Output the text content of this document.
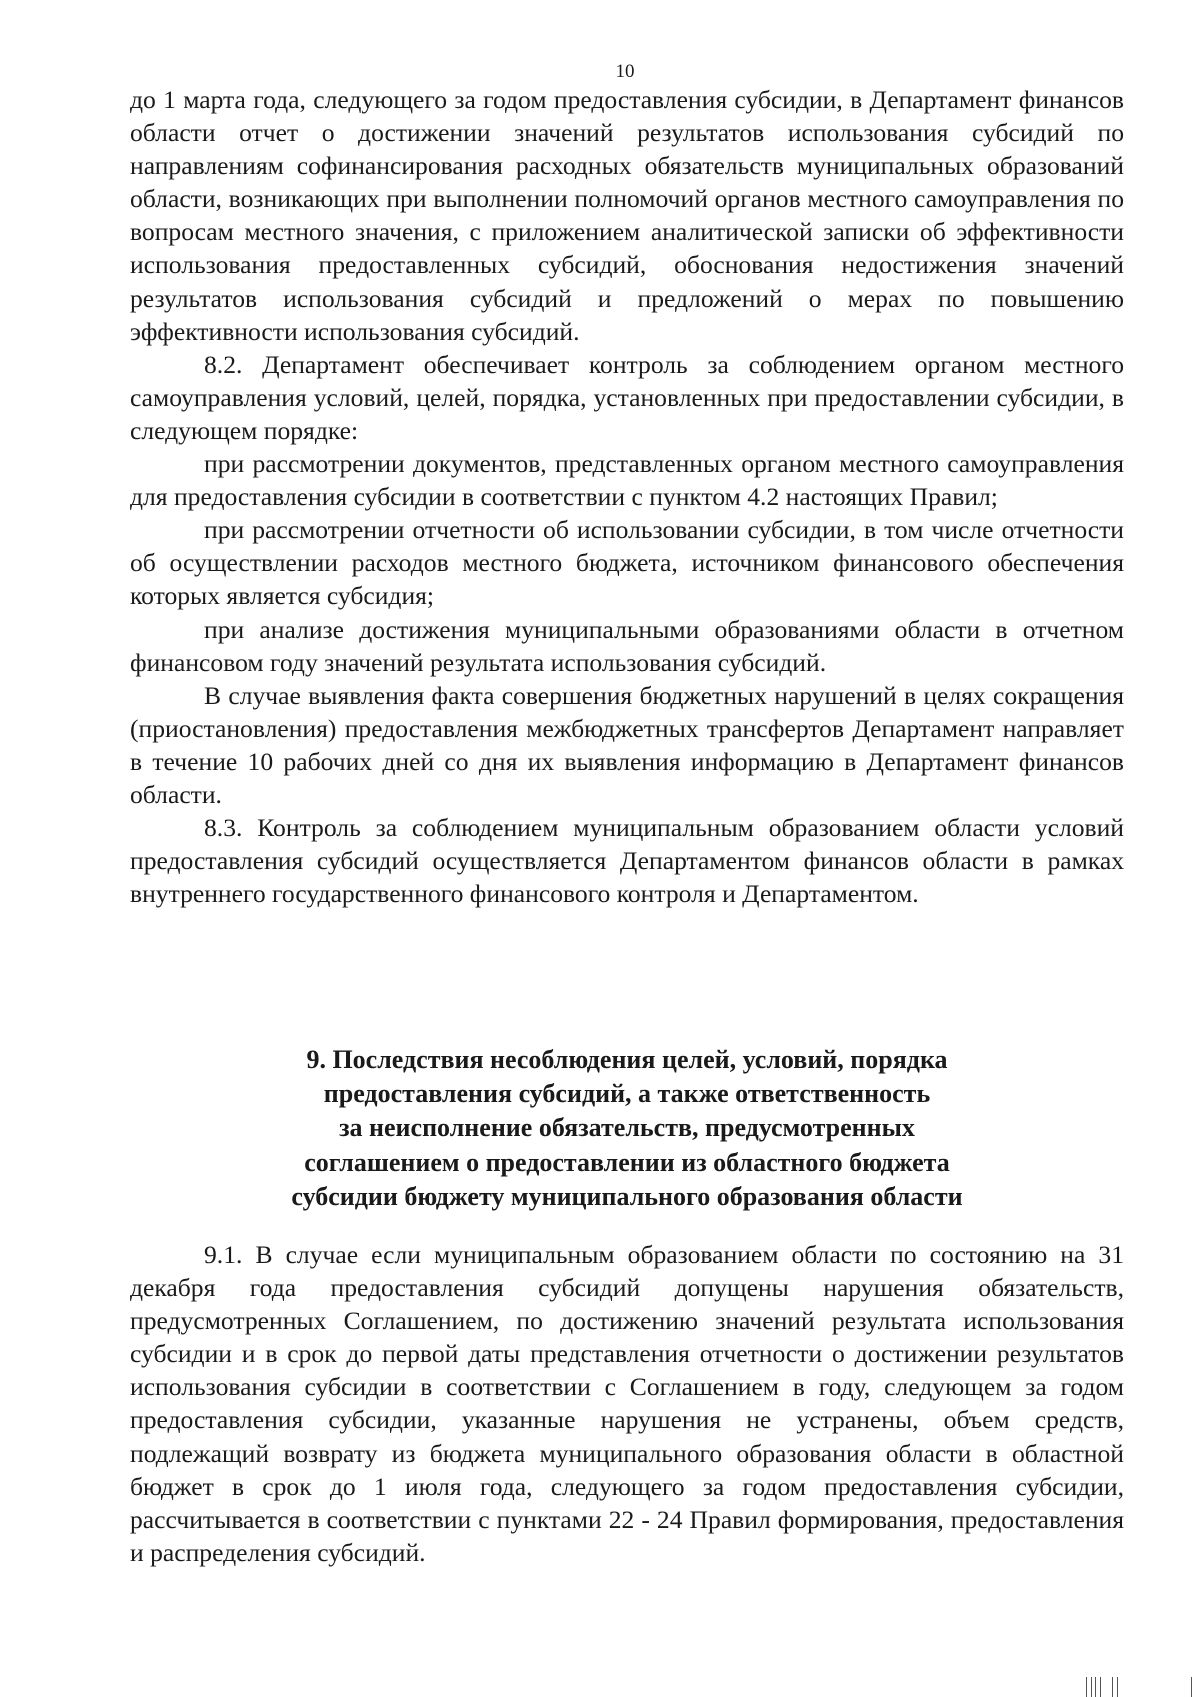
10

до 1 марта года, следующего за годом предоставления субсидии, в Департамент финансов области отчет о достижении значений результатов использования субсидий по направлениям софинансирования расходных обязательств муниципальных образований области, возникающих при выполнении полномочий органов местного самоуправления по вопросам местного значения, с приложением аналитической записки об эффективности использования предоставленных субсидий, обоснования недостижения значений результатов использования субсидий и предложений о мерах по повышению эффективности использования субсидий.

8.2. Департамент обеспечивает контроль за соблюдением органом местного самоуправления условий, целей, порядка, установленных при предоставлении субсидии, в следующем порядке:

при рассмотрении документов, представленных органом местного самоуправления для предоставления субсидии в соответствии с пунктом 4.2 настоящих Правил;

при рассмотрении отчетности об использовании субсидии, в том числе отчетности об осуществлении расходов местного бюджета, источником финансового обеспечения которых является субсидия;

при анализе достижения муниципальными образованиями области в отчетном финансовом году значений результата использования субсидий.

В случае выявления факта совершения бюджетных нарушений в целях сокращения (приостановления) предоставления межбюджетных трансфертов Департамент направляет в течение 10 рабочих дней со дня их выявления информацию в Департамент финансов области.

8.3. Контроль за соблюдением муниципальным образованием области условий предоставления субсидий осуществляется Департаментом финансов области в рамках внутреннего государственного финансового контроля и Департаментом.

9. Последствия несоблюдения целей, условий, порядка
предоставления субсидий, а также ответственность
за неисполнение обязательств, предусмотренных
соглашением о предоставлении из областного бюджета
субсидии бюджету муниципального образования области

9.1. В случае если муниципальным образованием области по состоянию на 31 декабря года предоставления субсидий допущены нарушения обязательств, предусмотренных Соглашением, по достижению значений результата использования субсидии и в срок до первой даты представления отчетности о достижении результатов использования субсидии в соответствии с Соглашением в году, следующем за годом предоставления субсидии, указанные нарушения не устранены, объем средств, подлежащий возврату из бюджета муниципального образования области в областной бюджет в срок до 1 июля года, следующего за годом предоставления субсидии, рассчитывается в соответствии с пунктами 22 - 24 Правил формирования, предоставления и распределения субсидий.
